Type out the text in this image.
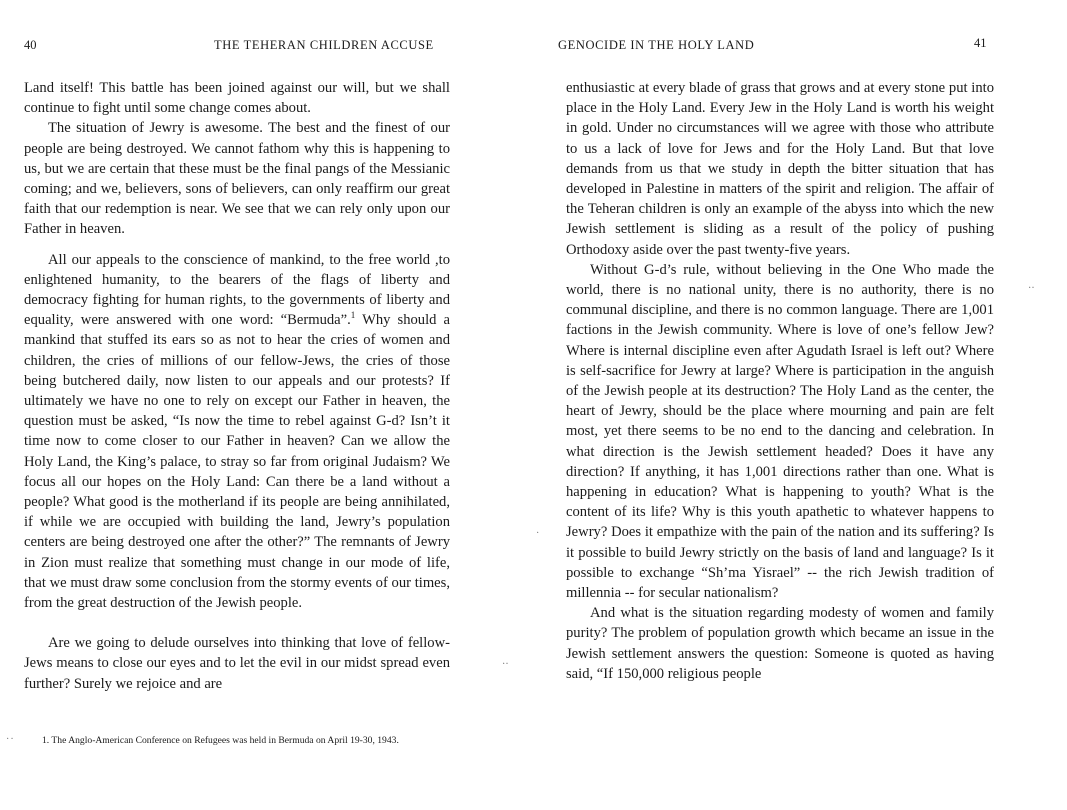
40	THE TEHERAN CHILDREN ACCUSE

Land itself! This battle has been joined against our will, but we shall continue to fight until some change comes about.

The situation of Jewry is awesome. The best and the finest of our people are being destroyed. We cannot fathom why this is happening to us, but we are certain that these must be the final pangs of the Messianic coming; and we, believers, sons of believers, can only reaffirm our great faith that our redemption is near. We see that we can rely only upon our Father in heaven.

All our appeals to the conscience of mankind, to the free world ,to enlightened humanity, to the bearers of the flags of liberty and democracy fighting for human rights, to the governments of liberty and equality, were answered with one word: “Bermuda”.$^1$ Why should a mankind that stuffed its ears so as not to hear the cries of women and children, the cries of millions of our fellow-Jews, the cries of those being butchered daily, now listen to our appeals and our protests? If ultimately we have no one to rely on except our Father in heaven, the question must be asked, “Is now the time to rebel against G-d? Isn’t it time now to come closer to our Father in heaven? Can we allow the Holy Land, the King’s palace, to stray so far from original Judaism? We focus all our hopes on the Holy Land: Can there be a land without a people? What good is the motherland if its people are being annihilated, if while we are occupied with building the land, Jewry’s population centers are being destroyed one after the other?” The remnants of Jewry in Zion must realize that something must change in our mode of life, that we must draw some conclusion from the stormy events of our times, from the great destruction of the Jewish people.

Are we going to delude ourselves into thinking that love of fellow-Jews means to close our eyes and to let the evil in our midst spread even further? Surely we rejoice and are

1. The Anglo-American Conference on Refugees was held in Bermuda on April 19-30, 1943.
GENOCIDE IN THE HOLY LAND	41

enthusiastic at every blade of grass that grows and at every stone put into place in the Holy Land. Every Jew in the Holy Land is worth his weight in gold. Under no circumstances will we agree with those who attribute to us a lack of love for Jews and for the Holy Land. But that love demands from us that we study in depth the bitter situation that has developed in Palestine in matters of the spirit and religion. The affair of the Teheran children is only an example of the abyss into which the new Jewish settlement is sliding as a result of the policy of pushing Orthodoxy aside over the past twenty-five years.

Without G-d’s rule, without believing in the One Who made the world, there is no national unity, there is no authority, there is no communal discipline, and there is no common language. There are 1,001 factions in the Jewish community. Where is love of one’s fellow Jew? Where is internal discipline even after Agudath Israel is left out? Where is self-sacrifice for Jewry at large? Where is participation in the anguish of the Jewish people at its destruction? The Holy Land as the center, the heart of Jewry, should be the place where mourning and pain are felt most, yet there seems to be no end to the dancing and celebration. In what direction is the Jewish settlement headed? Does it have any direction? If anything, it has 1,001 directions rather than one. What is happening in education? What is happening to youth? What is the content of its life? Why is this youth apathetic to whatever happens to Jewry? Does it empathize with the pain of the nation and its suffering? Is it possible to build Jewry strictly on the basis of land and language? Is it possible to exchange “Sh’ma Yisrael” -- the rich Jewish tradition of millennia -- for secular nationalism?

And what is the situation regarding modesty of women and family purity? The problem of population growth which became an issue in the Jewish settlement answers the question: Someone is quoted as having said, “If 150,000 religious people

‥
·
‥
··
